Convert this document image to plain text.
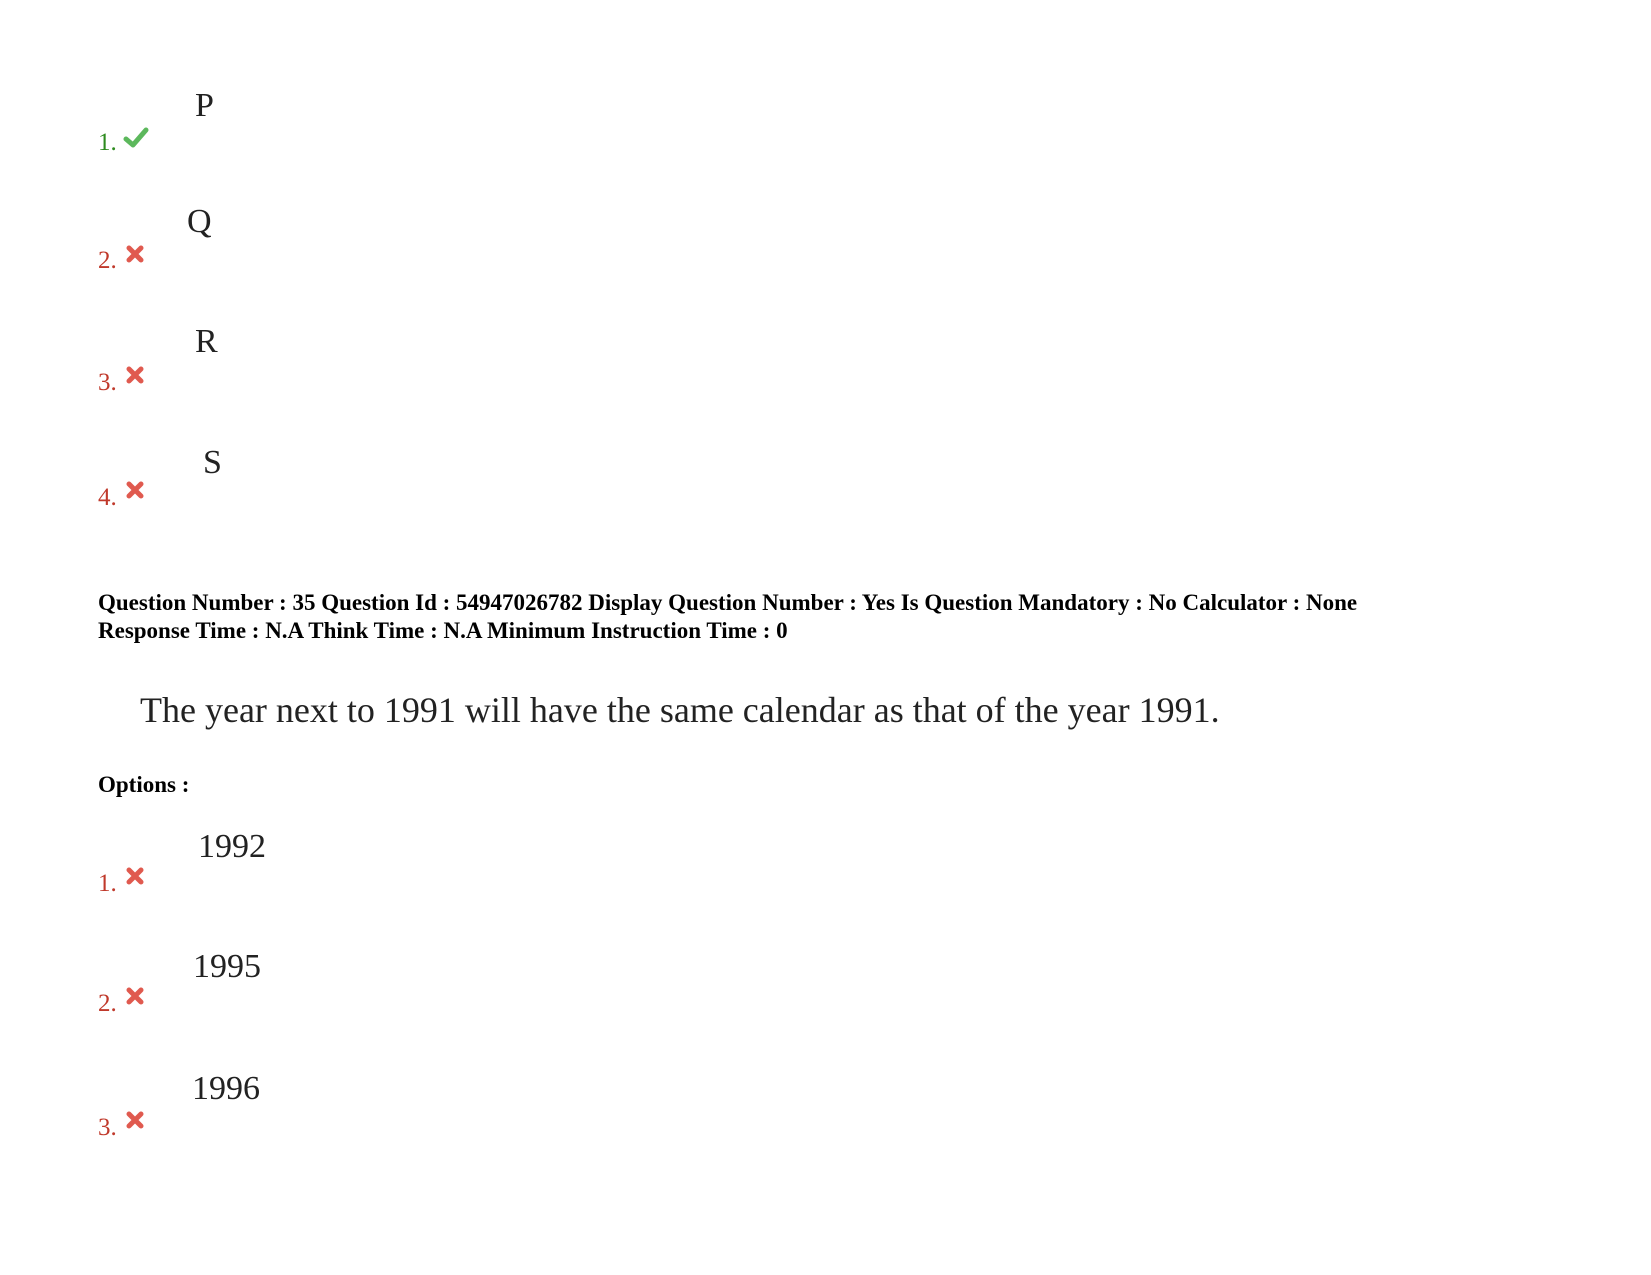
1.
P
2.
Q
3.
R
4.
S
Question Number : 35 Question Id : 54947026782 Display Question Number : Yes Is Question Mandatory : No Calculator : None
Response Time : N.A Think Time : N.A Minimum Instruction Time : 0
The year next to 1991 will have the same calendar as that of the year 1991.
Options :
1.
1992
2.
1995
3.
1996
